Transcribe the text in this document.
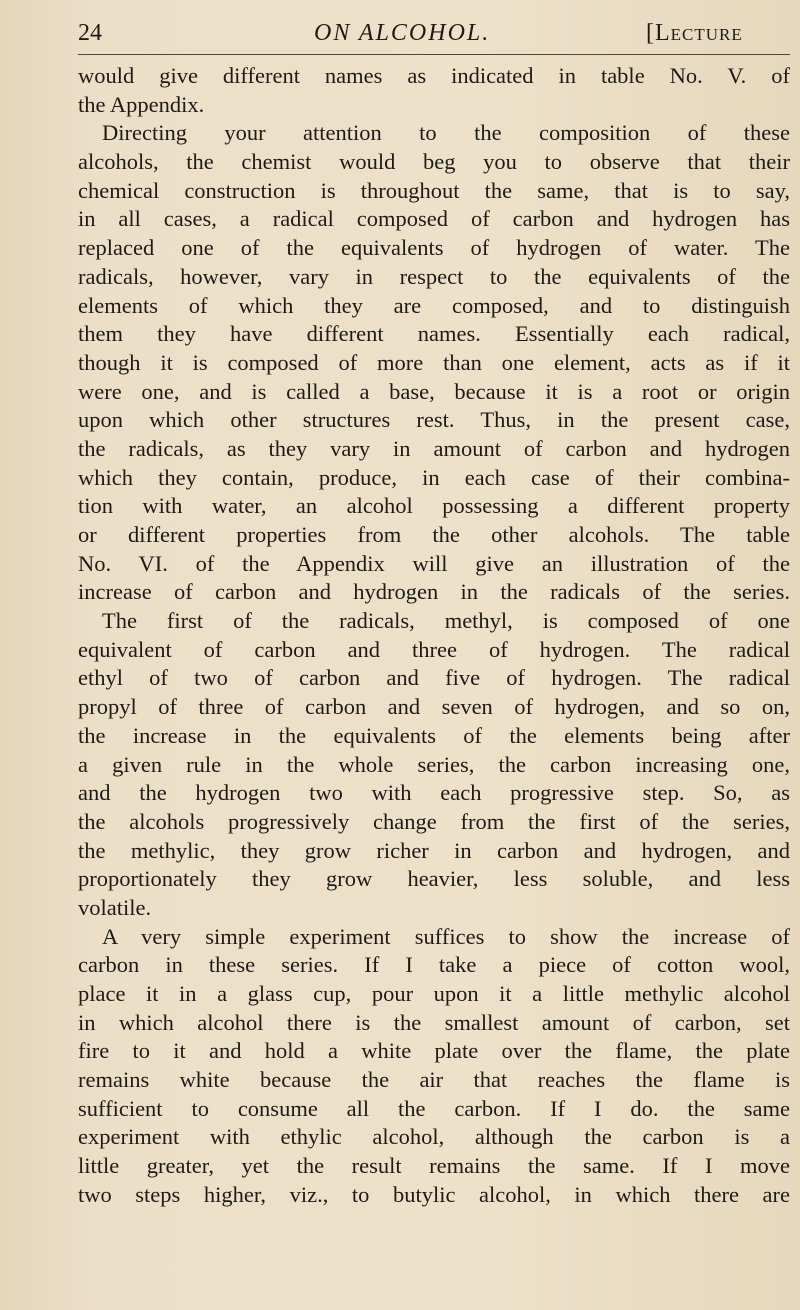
24	ON ALCOHOL.	[Lecture
would give different names as indicated in table No. V. of
the Appendix.
Directing your attention to the composition of these
alcohols, the chemist would beg you to observe that their
chemical construction is throughout the same, that is to say,
in all cases, a radical composed of carbon and hydrogen has
replaced one of the equivalents of hydrogen of water. The
radicals, however, vary in respect to the equivalents of the
elements of which they are composed, and to distinguish
them they have different names. Essentially each radical,
though it is composed of more than one element, acts as if it
were one, and is called a base, because it is a root or origin
upon which other structures rest. Thus, in the present case,
the radicals, as they vary in amount of carbon and hydrogen
which they contain, produce, in each case of their combina-
tion with water, an alcohol possessing a different property
or different properties from the other alcohols. The table
No. VI. of the Appendix will give an illustration of the
increase of carbon and hydrogen in the radicals of the series.
The first of the radicals, methyl, is composed of one
equivalent of carbon and three of hydrogen. The radical
ethyl of two of carbon and five of hydrogen. The radical
propyl of three of carbon and seven of hydrogen, and so on,
the increase in the equivalents of the elements being after
a given rule in the whole series, the carbon increasing one,
and the hydrogen two with each progressive step. So, as
the alcohols progressively change from the first of the series,
the methylic, they grow richer in carbon and hydrogen, and
proportionately they grow heavier, less soluble, and less
volatile.
A very simple experiment suffices to show the increase of
carbon in these series. If I take a piece of cotton wool,
place it in a glass cup, pour upon it a little methylic alcohol
in which alcohol there is the smallest amount of carbon, set
fire to it and hold a white plate over the flame, the plate
remains white because the air that reaches the flame is
sufficient to consume all the carbon. If I do. the same
experiment with ethylic alcohol, although the carbon is a
little greater, yet the result remains the same. If I move
two steps higher, viz., to butylic alcohol, in which there are
